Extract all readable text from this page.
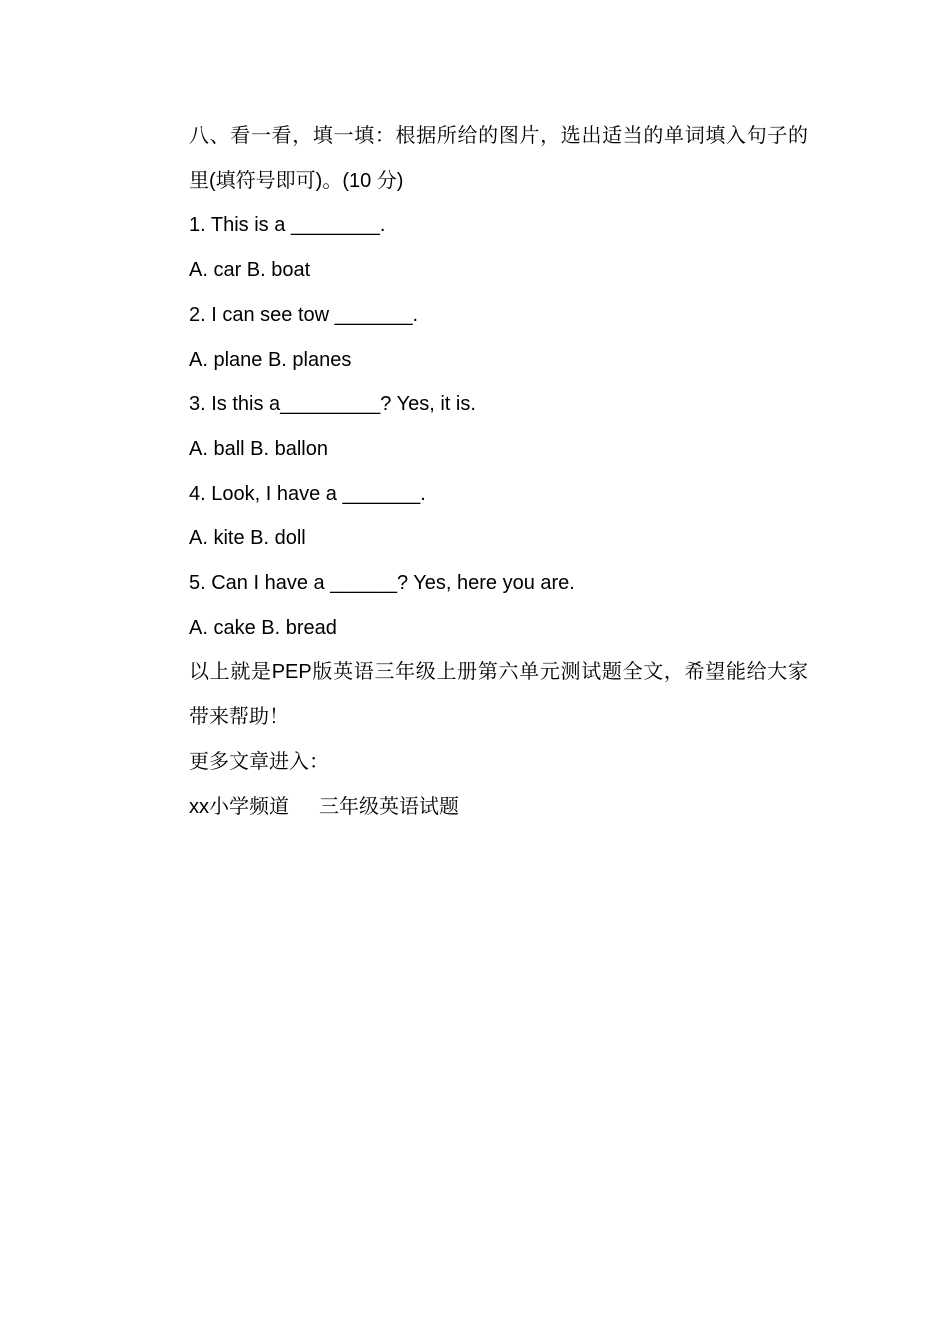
八、看一看，填一填：根据所给的图片，选出适当的单词填入句子的 里(填符号即可)。(10 分)

1. This is a ________.

A. car B. boat

2. I can see tow _______.

A. plane B. planes

3. Is this a_________? Yes, it is.

A. ball B. ballon

4. Look, I have a _______.

A. kite B. doll

5. Can I have a ______? Yes, here you are.

A. cake B. bread

以上就是PEP版英语三年级上册第六单元测试题全文，希望能给大家带来帮助！

更多文章进入：

xx小学频道 三年级英语试题
